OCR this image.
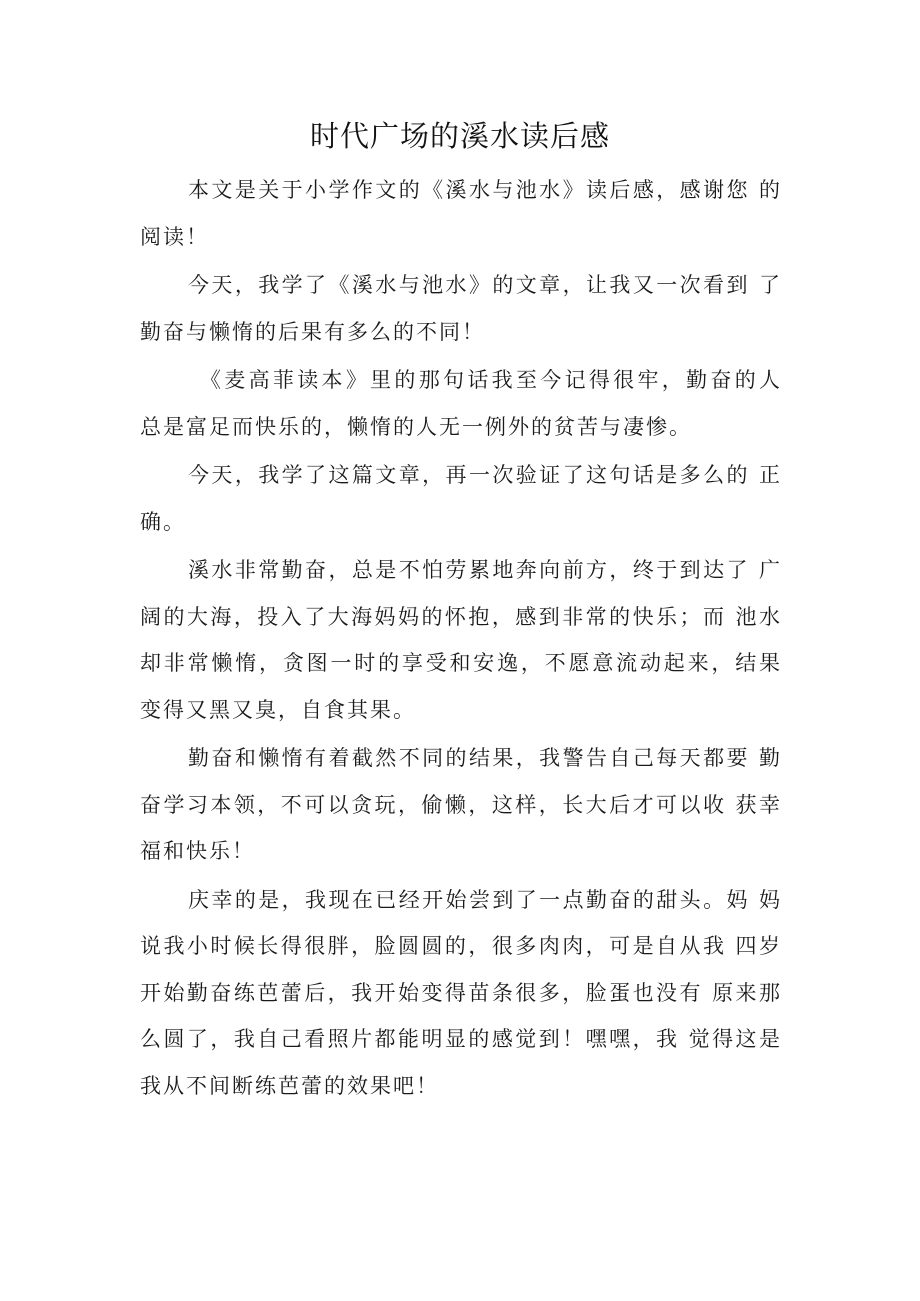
时代广场的溪水读后感

本文是关于小学作文的《溪水与池水》读后感，感谢您 的阅读！

今天，我学了《溪水与池水》的文章，让我又一次看到 了勤奋与懒惰的后果有多么的不同！

《麦高菲读本》里的那句话我至今记得很牢，勤奋的人 总是富足而快乐的，懒惰的人无一例外的贫苦与凄惨。

今天，我学了这篇文章，再一次验证了这句话是多么的 正确。

溪水非常勤奋，总是不怕劳累地奔向前方，终于到达了 广阔的大海，投入了大海妈妈的怀抱，感到非常的快乐；而 池水却非常懒惰，贪图一时的享受和安逸，不愿意流动起来，结果变得又黑又臭，自食其果。

勤奋和懒惰有着截然不同的结果，我警告自己每天都要 勤奋学习本领，不可以贪玩，偷懒，这样，长大后才可以收 获幸福和快乐！

庆幸的是，我现在已经开始尝到了一点勤奋的甜头。妈 妈说我小时候长得很胖，脸圆圆的，很多肉肉，可是自从我 四岁开始勤奋练芭蕾后，我开始变得苗条很多，脸蛋也没有 原来那么圆了，我自己看照片都能明显的感觉到！嘿嘿，我 觉得这是我从不间断练芭蕾的效果吧！
